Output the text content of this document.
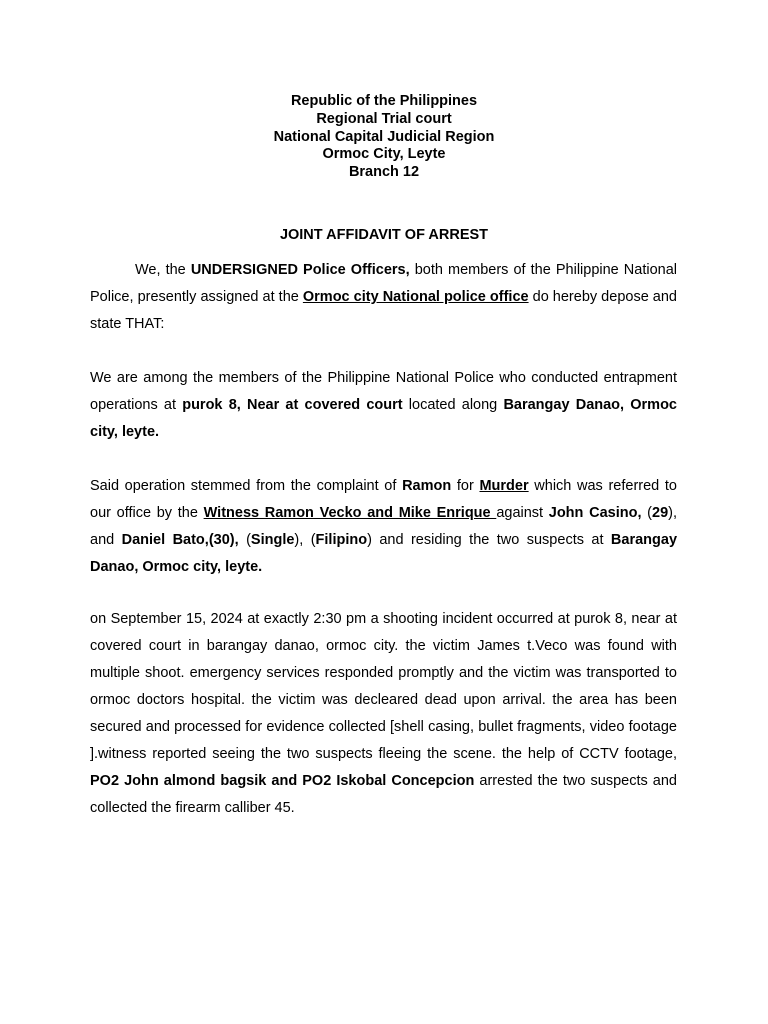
Republic of the Philippines
Regional Trial court
National Capital Judicial Region
Ormoc City, Leyte
Branch 12
JOINT AFFIDAVIT OF ARREST
We, the UNDERSIGNED Police Officers, both members of the Philippine National Police, presently assigned at the Ormoc city National police office do hereby depose and state THAT:
We are among the members of the Philippine National Police who conducted entrapment operations at purok 8, Near at covered court located along Barangay Danao, Ormoc city, leyte.
Said operation stemmed from the complaint of Ramon for Murder which was referred to our office by the Witness Ramon Vecko and Mike Enrique against John Casino, (29), and Daniel Bato,(30), (Single), (Filipino) and residing the two suspects at Barangay Danao, Ormoc city, leyte.
on September 15, 2024 at exactly 2:30 pm a shooting incident occurred at purok 8, near at covered court in barangay danao, ormoc city. the victim James t.Veco was found with multiple shoot. emergency services responded promptly and the victim was transported to ormoc doctors hospital. the victim was decleared dead upon arrival. the area has been secured and processed for evidence collected [shell casing, bullet fragments, video footage ].witness reported seeing the two suspects fleeing the scene. the help of CCTV footage, PO2 John almond bagsik and PO2 Iskobal Concepcion arrested the two suspects and collected the firearm calliber 45.
